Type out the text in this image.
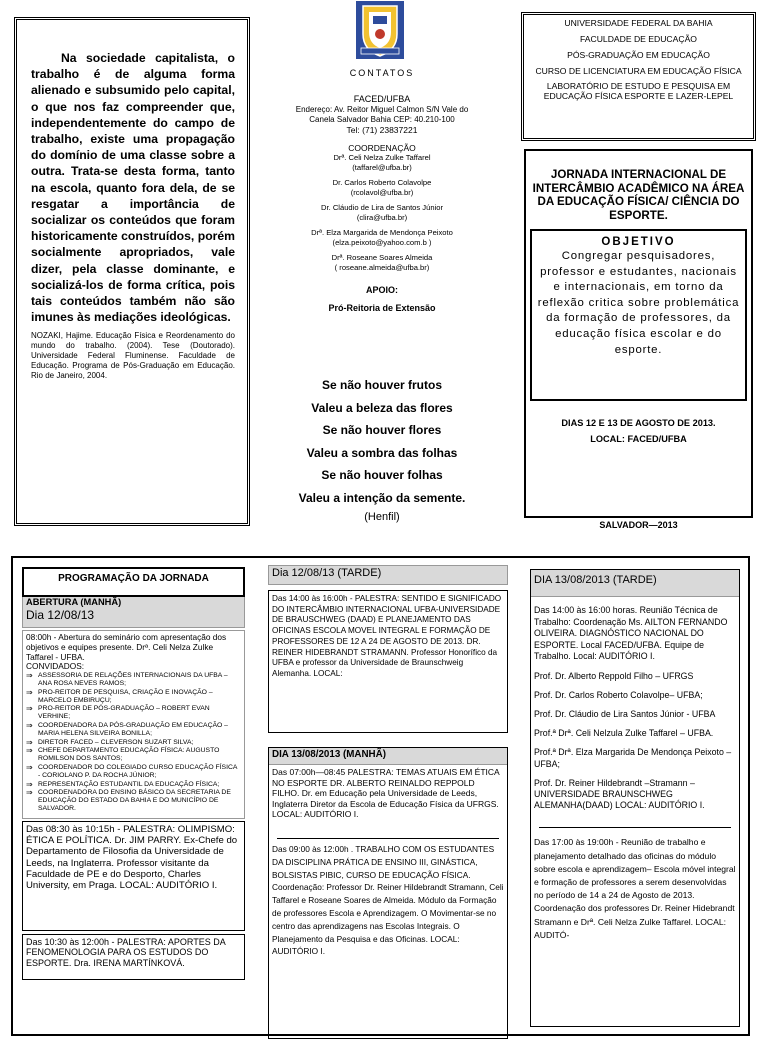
Na sociedade capitalista, o trabalho é de alguma forma alienado e subsumido pelo capital, o que nos faz compreender que, independentemente do campo de trabalho, existe uma propagação do domínio de uma classe sobre a outra. Trata-se desta forma, tanto na escola, quanto fora dela, de se resgatar a importância de socializar os conteúdos que foram historicamente construídos, porém socialmente apropriados, vale dizer, pela classe dominante, e socializá-los de forma crítica, pois tais conteúdos também não são imunes às mediações ideológicas.

NOZAKI, Hajime. Educação Física e Reordenamento do mundo do trabalho. (2004). Tese (Doutorado). Universidade Federal Fluminense. Faculdade de Educação. Programa de Pós-Graduação em Educação. Rio de Janeiro, 2004.

CONTATOS

FACED/UFBA

Endereço: Av. Reitor Miguel Calmon S/N Vale do

Canela Salvador Bahia CEP: 40.210-100

Tel: (71) 23837221

COORDENAÇÃO

Drª. Celi Nelza Zulke Taffarel

(taffarel@ufba.br)

Dr. Carlos Roberto Colavolpe

(rcolavol@ufba.br)

Dr. Cláudio de Lira de Santos Júnior

(clira@ufba.br)

Drª. Elza Margarida de Mendonça Peixoto

(elza.peixoto@yahoo.com.b )

Drª. Roseane Soares Almeida

( roseane.almeida@ufba.br)

APOIO:

Pró-Reitoria de Extensão

Se não houver frutos

Valeu a beleza das flores

Se não houver flores

Valeu a sombra das folhas

Se não houver folhas

Valeu a intenção da semente.

(Henfil)

UNIVERSIDADE FEDERAL DA BAHIA

FACULDADE DE EDUCAÇÃO

PÓS-GRADUAÇÃO EM EDUCAÇÃO

CURSO DE LICENCIATURA EM EDUCAÇÃO FÍSICA

LABORATÓRIO DE ESTUDO E PESQUISA EM EDUCAÇÃO FÍSICA ESPORTE E LAZER-LEPEL

JORNADA INTERNACIONAL DE INTERCÂMBIO ACADÊMICO NA ÁREA DA EDUCAÇÃO FÍSICA/ CIÊNCIA DO ESPORTE.

OBJETIVO

Congregar pesquisadores, professor e estudantes, nacionais e internacionais, em torno da reflexão critica sobre problemática da formação de professores, da educação física escolar e do esporte.

DIAS 12 E 13 DE AGOSTO DE 2013.

LOCAL: FACED/UFBA

SALVADOR—2013

PROGRAMAÇÃO DA JORNADA

ABERTURA (MANHÃ)

Dia 12/08/13

08:00h - Abertura do seminário com apresentação dos objetivos e equipes presente. Drª. Celi Nelza Zulke Taffarel - UFBA.

CONVIDADOS:

⇒ ASSESSORIA DE RELAÇÕES INTERNACIONAIS DA UFBA – ANA ROSA NEVES RAMOS;
⇒ PRO-REITOR DE PESQUISA, CRIAÇÃO E INOVAÇÃO – MARCELO EMBIRUÇU;
⇒ PRO-REITOR DE PÓS-GRADUAÇÃO – ROBERT EVAN VERHINE;
⇒ COORDENADORA DA PÓS-GRADUAÇÃO EM EDUCAÇÃO – MARIA HELENA SILVEIRA BONILLA;
⇒ DIRETOR FACED – CLEVERSON SUZART SILVA;
⇒ CHEFE DEPARTAMENTO EDUCAÇÃO FÍSICA: AUGUSTO ROMILSON DOS SANTOS;
⇒ COORDENADOR DO COLEGIADO CURSO EDUCAÇÃO FÍSICA - CORIOLANO P. DA ROCHA JÚNIOR;
⇒ REPRESENTAÇÃO ESTUDANTIL DA EDUCAÇÃO FÍSICA;
⇒ COORDENADORA DO ENSINO BÁSICO DA SECRETARIA DE EDUCAÇÃO DO ESTADO DA BAHIA E DO MUNICÍPIO DE SALVADOR.

Das 08:30 às 10:15h - PALESTRA: OLIMPISMO: ÉTICA E POLÍTICA. Dr. JIM PARRY. Ex-Chefe do Departamento de Filosofia da Universidade de Leeds, na Inglaterra. Professor visitante da Faculdade de PE e do Desporto, Charles University, em Praga. LOCAL: AUDITÓRIO I.

Das 10:30 às 12:00h - PALESTRA: APORTES DA FENOMENOLOGIA PARA OS ESTUDOS DO ESPORTE. Dra. IRENA MARTÍNKOVÁ.

Dia 12/08/13 (TARDE)

Das 14:00 às 16:00h - PALESTRA: SENTIDO E SIGNIFICADO DO INTERCÂMBIO INTERNACIONAL UFBA-UNIVERSIDADE DE BRAUSCHWEG (DAAD) E PLANEJAMENTO DAS OFICINAS ESCOLA MOVEL INTEGRAL E FORMAÇÃO DE PROFESSORES DE 12 A 24 DE AGOSTO DE 2013. DR. REINER HIDEBRANDT STRAMANN. Professor Honorífico da UFBA e professor da Universidade de Braunschweig Alemanha. LOCAL:

DIA 13/08/2013 (MANHÃ)

Das 07:00h—08:45 PALESTRA: TEMAS ATUAIS EM ÉTICA NO ESPORTE DR. ALBERTO REINALDO REPPOLD FILHO. Dr. em Educação pela Universidade de Leeds, Inglaterra Diretor da Escola de Educação Física da UFRGS. LOCAL: AUDITÓRIO I.

Das 09:00 às 12:00h . TRABALHO COM OS ESTUDANTES DA DISCIPLINA PRÁTICA DE ENSINO III, GINÁSTICA, BOLSISTAS PIBIC, CURSO DE EDUCAÇÃO FÍSICA. Coordenação: Professor Dr. Reiner Hildebrandt Stramann, Celi Taffarel e Roseane Soares de Almeida. Módulo da Formação de professores Escola e Aprendizagem. O Movimentar-se no centro das aprendizagens nas Escolas Integrais. O Planejamento da Pesquisa e das Oficinas. LOCAL: AUDITÓRIO I.

DIA 13/08/2013 (TARDE)

Das 14:00 às 16:00 horas. Reunião Técnica de Trabalho: Coordenação Ms. AILTON FERNANDO OLIVEIRA. DIAGNÓSTICO NACIONAL DO ESPORTE. Local FACED/UFBA. Equipe de Trabalho. Local: AUDITÓRIO I.

Prof. Dr. Alberto Reppold Filho – UFRGS

Prof. Dr. Carlos Roberto Colavolpe– UFBA;

Prof. Dr. Cláudio de Lira Santos Júnior - UFBA

Prof.ª Drª. Celi Nelzula Zulke Taffarel – UFBA.

Prof.ª Drª. Elza Margarida De Mendonça Peixoto – UFBA;

Prof. Dr. Reiner Hildebrandt –Stramann – UNIVERSIDADE BRAUNSCHWEG ALEMANHA(DAAD) LOCAL: AUDITÓRIO I.

Das 17:00 às 19:00h - Reunião de trabalho e planejamento detalhado das oficinas do módulo sobre escola e aprendizagem– Escola móvel integral e formação de professores a serem desenvolvidas no período de 14 a 24 de Agosto de 2013. Coordenação dos professores Dr. Reiner Hidebrandt Stramann e Drª. Celi Nelza Zulke Taffarel. LOCAL: AUDITÓ-
